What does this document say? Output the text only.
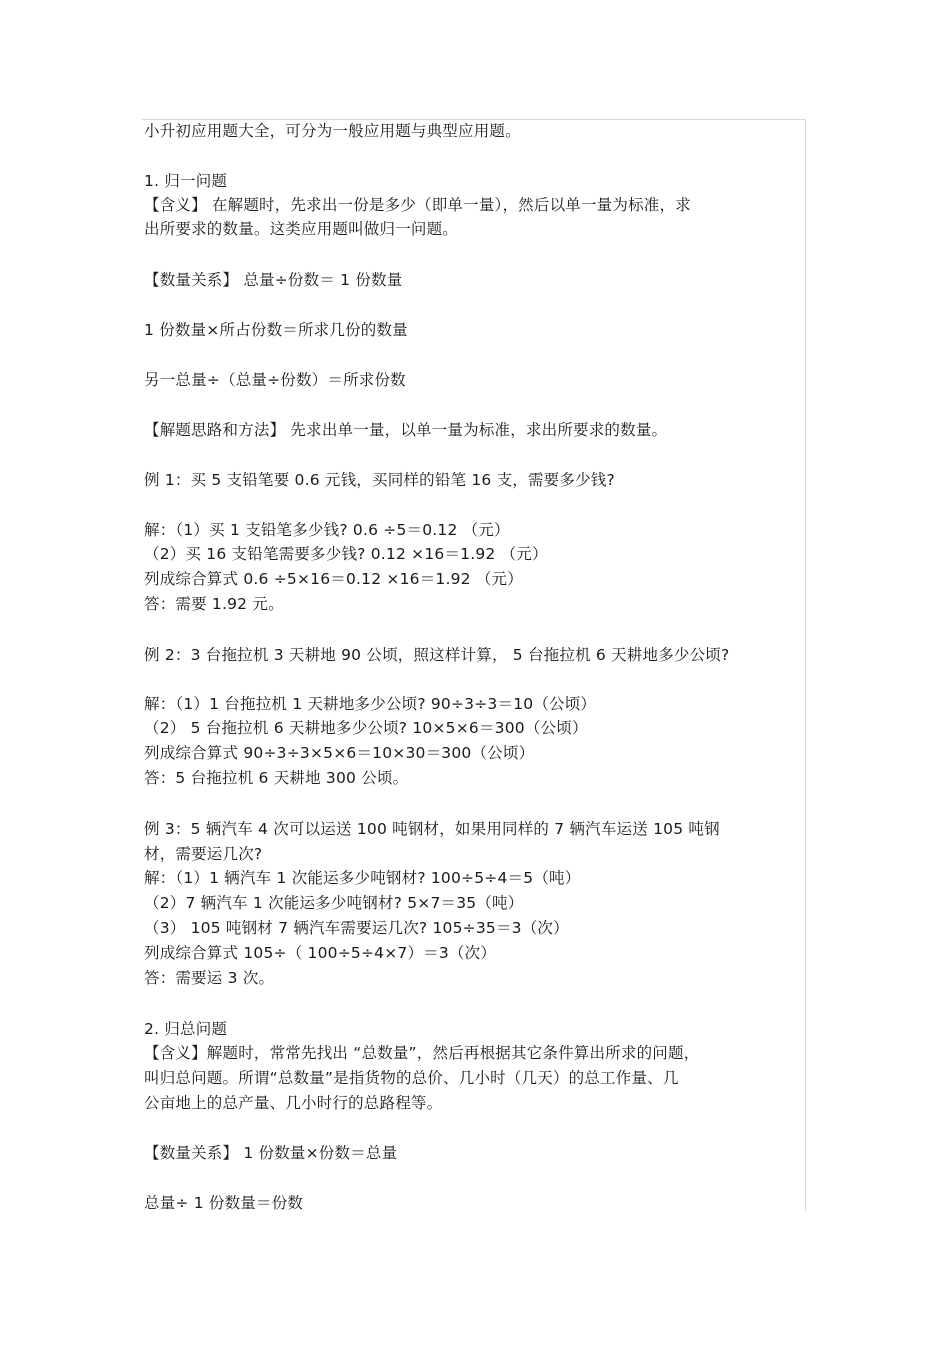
小升初应用题大全，可分为一般应用题与典型应用题。
1. 归一问题
【含义】 在解题时，先求出一份是多少（即单一量），然后以单一量为标准，求
出所要求的数量。这类应用题叫做归一问题。
【数量关系】 总量÷份数＝ 1 份数量
1 份数量×所占份数＝所求几份的数量
另一总量÷（总量÷份数）＝所求份数
【解题思路和方法】 先求出单一量，以单一量为标准，求出所要求的数量。
例 1：买 5 支铅笔要 0.6 元钱，买同样的铅笔 16 支，需要多少钱?
解：（1）买 1 支铅笔多少钱? 0.6 ÷5＝0.12 （元）
（2）买 16 支铅笔需要多少钱? 0.12 ×16＝1.92 （元）
列成综合算式 0.6 ÷5×16＝0.12 ×16＝1.92 （元）
答：需要 1.92 元。
例 2：3 台拖拉机 3 天耕地 90 公顷，照这样计算， 5 台拖拉机 6 天耕地多少公顷?
解：（1）1 台拖拉机 1 天耕地多少公顷? 90÷3÷3＝10（公顷）
（2） 5 台拖拉机 6 天耕地多少公顷? 10×5×6＝300（公顷）
列成综合算式 90÷3÷3×5×6＝10×30＝300（公顷）
答：5 台拖拉机 6 天耕地 300 公顷。
例 3：5 辆汽车 4 次可以运送 100 吨钢材，如果用同样的 7 辆汽车运送 105 吨钢
材，需要运几次?
解：（1）1 辆汽车 1 次能运多少吨钢材? 100÷5÷4＝5（吨）
（2）7 辆汽车 1 次能运多少吨钢材? 5×7＝35（吨）
（3） 105 吨钢材 7 辆汽车需要运几次? 105÷35＝3（次）
列成综合算式 105÷（ 100÷5÷4×7）＝3（次）
答：需要运 3 次。
2. 归总问题
【含义】解题时，常常先找出 “总数量”，然后再根据其它条件算出所求的问题，
叫归总问题。所谓“总数量”是指货物的总价、几小时（几天）的总工作量、几
公亩地上的总产量、几小时行的总路程等。
【数量关系】 1 份数量×份数＝总量
总量÷ 1 份数量＝份数
